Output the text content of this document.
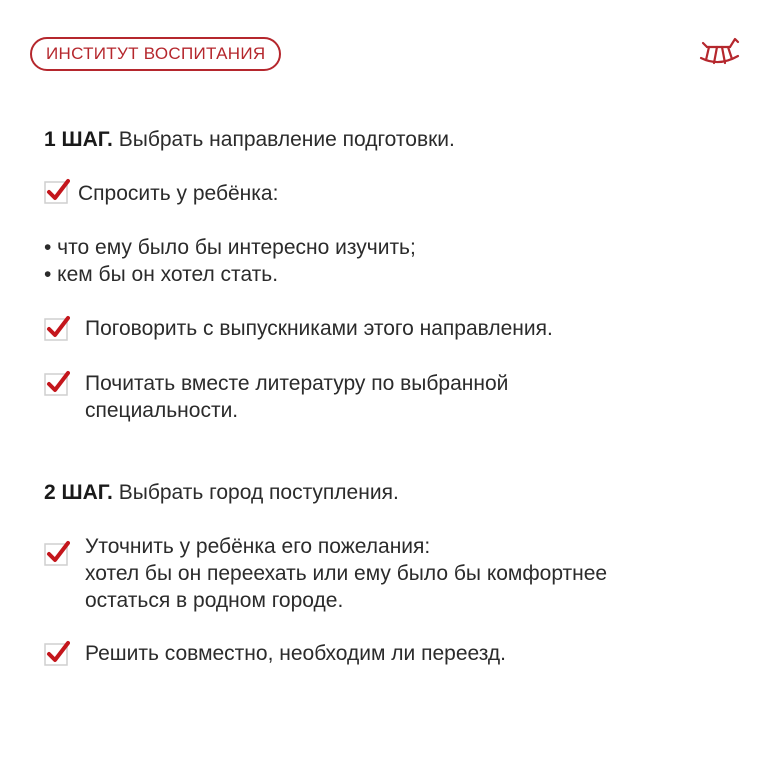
ИНСТИТУТ ВОСПИТАНИЯ
1 ШАГ. Выбрать направление подготовки.
Спросить у ребёнка:
• что ему было бы интересно изучить;
• кем бы он хотел стать.
Поговорить с выпускниками этого направления.
Почитать вместе литературу по выбранной
специальности.
2 ШАГ. Выбрать город поступления.
Уточнить у ребёнка его пожелания:
хотел бы он переехать или ему было бы комфортнее
остаться в родном городе.
Решить совместно, необходим ли переезд.
